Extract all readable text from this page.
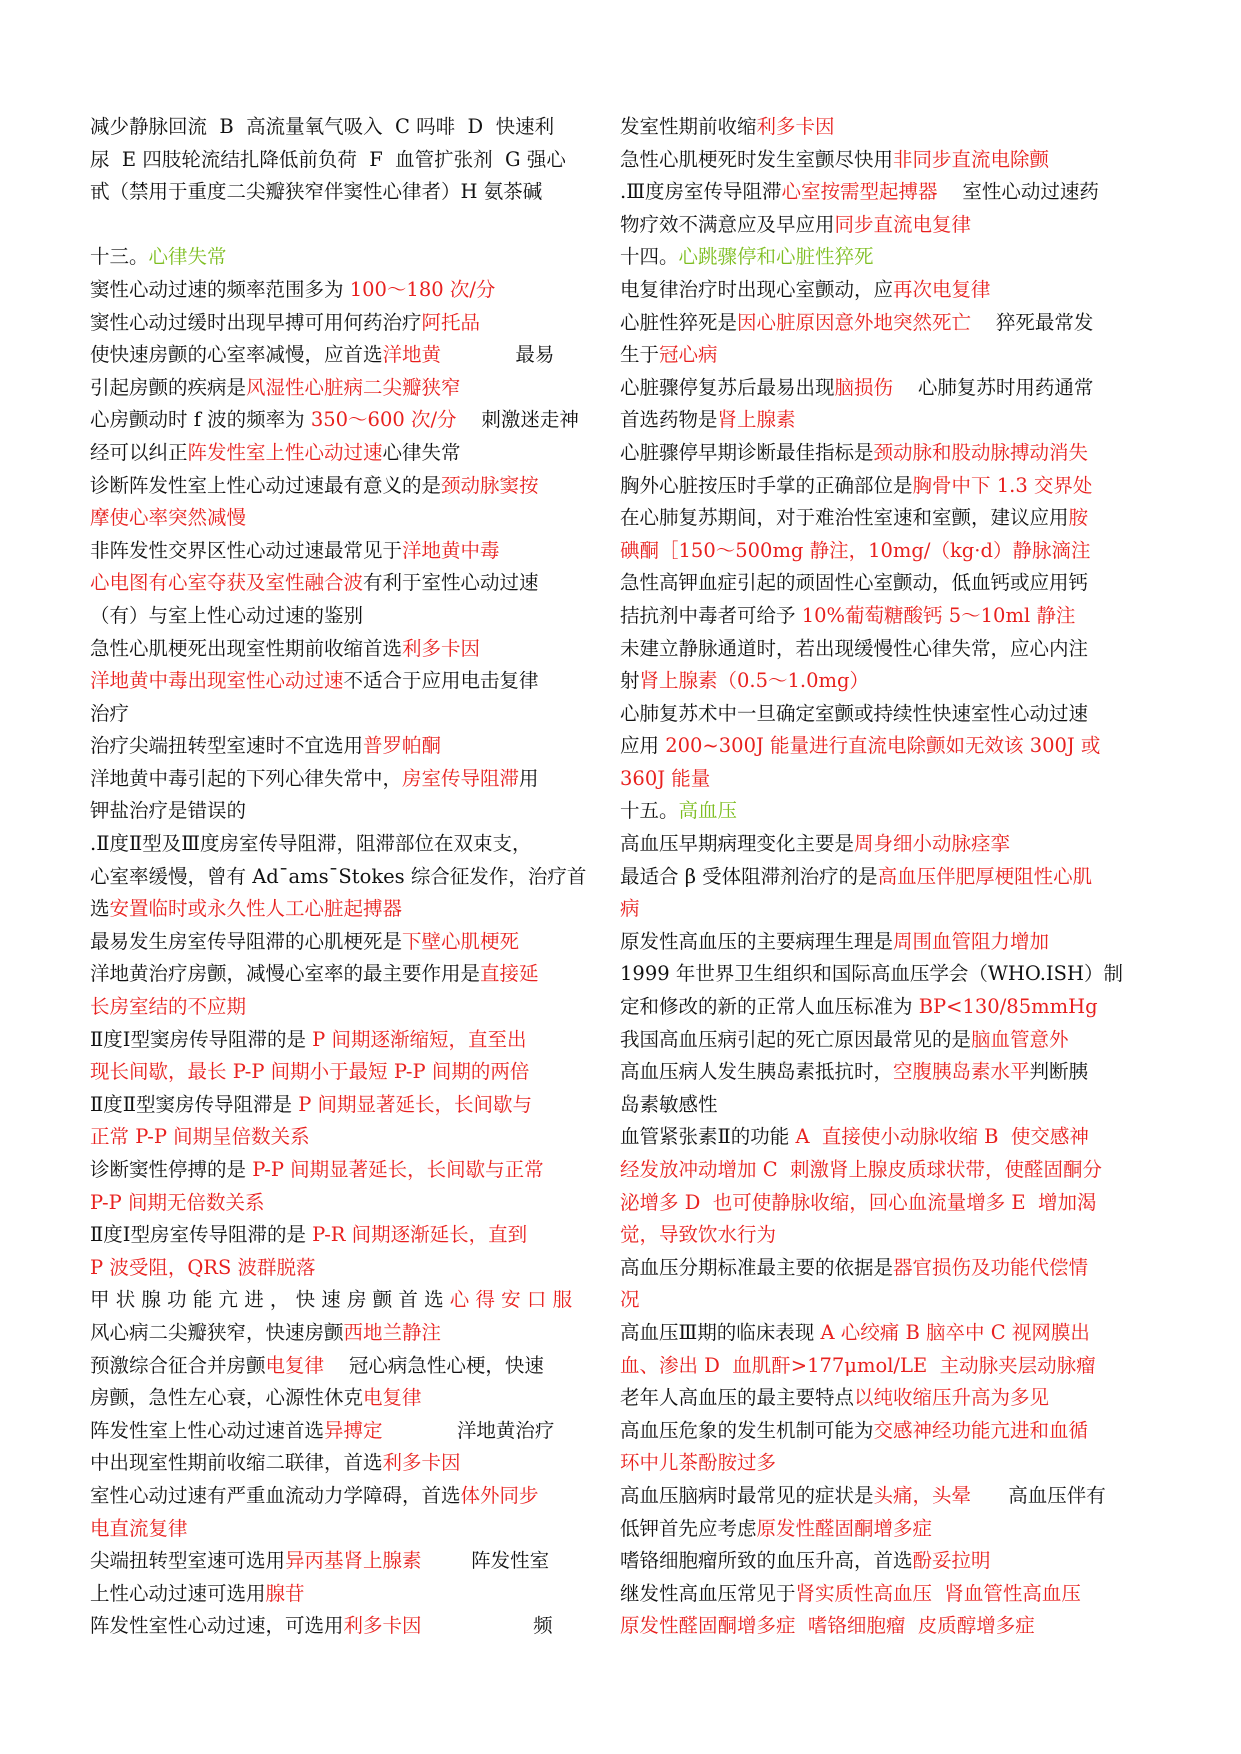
减少静脉回流  B  高流量氧气吸入  C 吗啡  D  快速利
尿  E 四肢轮流结扎降低前负荷  F  血管扩张剂  G 强心
甙（禁用于重度二尖瓣狭窄伴窦性心律者）H 氨茶碱
十三。心律失常
窦性心动过速的频率范围多为 100～180 次/分
窦性心动过缓时出现早搏可用何药治疗阿托品
使快速房颤的心室率减慢，应首选洋地黄            最易
引起房颤的疾病是风湿性心脏病二尖瓣狭窄
心房颤动时 f 波的频率为 350～600 次/分    刺激迷走神
经可以纠正阵发性室上性心动过速心律失常
诊断阵发性室上性心动过速最有意义的是颈动脉窦按
摩使心率突然减慢
非阵发性交界区性心动过速最常见于洋地黄中毒
心电图有心室夺获及室性融合波有利于室性心动过速
（有）与室上性心动过速的鉴别
急性心肌梗死出现室性期前收缩首选利多卡因
洋地黄中毒出现室性心动过速不适合于应用电击复律
治疗
治疗尖端扭转型室速时不宜选用普罗帕酮
洋地黄中毒引起的下列心律失常中，房室传导阻滞用
钾盐治疗是错误的
.Ⅱ度Ⅱ型及Ⅲ度房室传导阻滞，阻滞部位在双束支，
心室率缓慢，曾有 Ad¯ams¯Stokes 综合征发作，治疗首
选安置临时或永久性人工心脏起搏器
最易发生房室传导阻滞的心肌梗死是下壁心肌梗死
洋地黄治疗房颤，减慢心室率的最主要作用是直接延
长房室结的不应期
Ⅱ度Ⅰ型窦房传导阻滞的是 P 间期逐渐缩短，直至出
现长间歇，最长 P-P 间期小于最短 P-P 间期的两倍
Ⅱ度Ⅱ型窦房传导阻滞是 P 间期显著延长，长间歇与
正常 P-P 间期呈倍数关系
诊断窦性停搏的是 P-P 间期显著延长，长间歇与正常
P-P 间期无倍数关系
Ⅱ度Ⅰ型房室传导阻滞的是 P-R 间期逐渐延长，直到
P 波受阻，QRS 波群脱落
甲 状 腺 功 能 亢 进 ， 快 速 房 颤 首 选 心 得 安 口 服
风心病二尖瓣狭窄，快速房颤西地兰静注
预激综合征合并房颤电复律    冠心病急性心梗，快速
房颤，急性左心衰，心源性休克电复律
阵发性室上性心动过速首选异搏定            洋地黄治疗
中出现室性期前收缩二联律，首选利多卡因
室性心动过速有严重血流动力学障碍，首选体外同步
电直流复律
尖端扭转型室速可选用异丙基肾上腺素        阵发性室
上性心动过速可选用腺苷
阵发性室性心动过速，可选用利多卡因                  频
发室性期前收缩利多卡因
急性心肌梗死时发生室颤尽快用非同步直流电除颤
.Ⅲ度房室传导阻滞心室按需型起搏器    室性心动过速药
物疗效不满意应及早应用同步直流电复律
十四。心跳骤停和心脏性猝死
电复律治疗时出现心室颤动，应再次电复律
心脏性猝死是因心脏原因意外地突然死亡    猝死最常发
生于冠心病
心脏骤停复苏后最易出现脑损伤    心肺复苏时用药通常
首选药物是肾上腺素
心脏骤停早期诊断最佳指标是颈动脉和股动脉搏动消失
胸外心脏按压时手掌的正确部位是胸骨中下 1.3 交界处
在心肺复苏期间，对于难治性室速和室颤，建议应用胺
碘酮［150～500mg 静注，10mg/（kg·d）静脉滴注
急性高钾血症引起的顽固性心室颤动，低血钙或应用钙
拮抗剂中毒者可给予 10%葡萄糖酸钙 5～10ml 静注
未建立静脉通道时，若出现缓慢性心律失常，应心内注
射肾上腺素（0.5～1.0mg）
心肺复苏术中一旦确定室颤或持续性快速室性心动过速
应用 200~300J 能量进行直流电除颤如无效该 300J 或
360J 能量
十五。高血压
高血压早期病理变化主要是周身细小动脉痉挛
最适合 β 受体阻滞剂治疗的是高血压伴肥厚梗阻性心肌
病
原发性高血压的主要病理生理是周围血管阻力增加
1999 年世界卫生组织和国际高血压学会（WHO.ISH）制
定和修改的新的正常人血压标准为 BP<130/85mmHg
我国高血压病引起的死亡原因最常见的是脑血管意外
高血压病人发生胰岛素抵抗时，空腹胰岛素水平判断胰
岛素敏感性
血管紧张素Ⅱ的功能 A  直接使小动脉收缩 B  使交感神
经发放冲动增加 C  刺激肾上腺皮质球状带，使醛固酮分
泌增多 D  也可使静脉收缩，回心血流量增多 E  增加渴
觉，导致饮水行为
高血压分期标准最主要的依据是器官损伤及功能代偿情
况
高血压Ⅲ期的临床表现 A 心绞痛 B 脑卒中 C 视网膜出
血、渗出 D  血肌酐>177μmol/LE  主动脉夹层动脉瘤
老年人高血压的最主要特点以纯收缩压升高为多见
高血压危象的发生机制可能为交感神经功能亢进和血循
环中儿茶酚胺过多
高血压脑病时最常见的症状是头痛，头晕      高血压伴有
低钾首先应考虑原发性醛固酮增多症
嗜铬细胞瘤所致的血压升高，首选酚妥拉明
继发性高血压常见于肾实质性高血压  肾血管性高血压
原发性醛固酮增多症  嗜铬细胞瘤  皮质醇增多症
